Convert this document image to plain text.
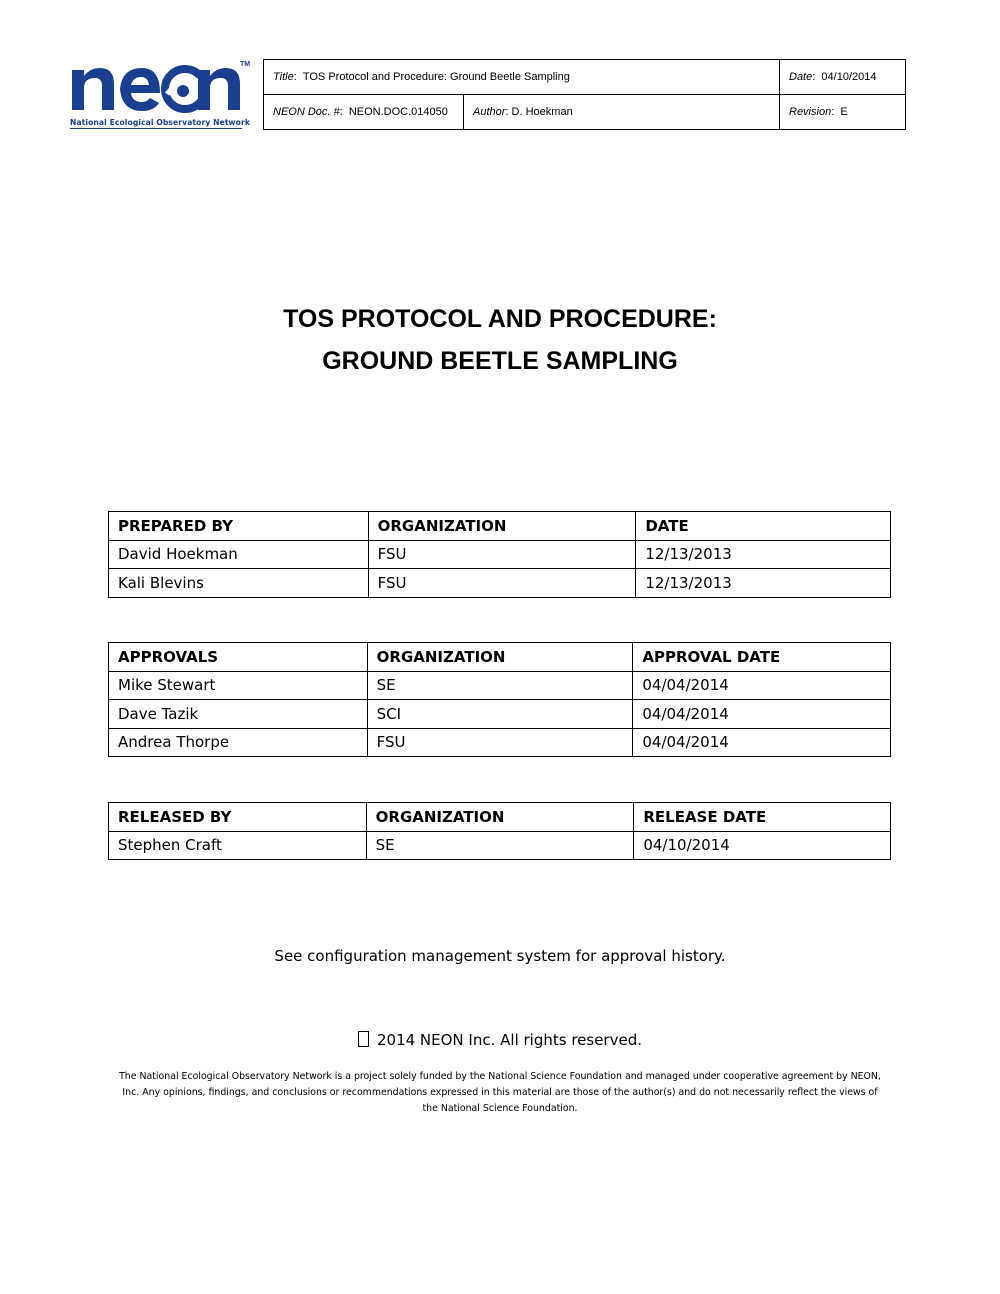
TM
National Ecological Observatory Network
Title : TOS Protocol and Procedure: Ground Beetle Sampling	Date : 04/10/2014
NEON Doc. # : NEON.DOC.014050 Author : D. Hoekman	Revision : E
TOS PROTOCOL AND PROCEDURE:
GROUND BEETLE SAMPLING
PREPARED BY	ORGANIZATION	DATE
David Hoekman	FSU	12/13/2013
Kali Blevins	FSU	12/13/2013
APPROVALS	ORGANIZATION	APPROVAL DATE
Mike Stewart	SE	04/04/2014
Dave Tazik	SCI	04/04/2014
Andrea Thorpe	FSU	04/04/2014
RELEASED BY	ORGANIZATION	RELEASE DATE
Stephen Craft	SE	04/10/2014
See configuration management system for approval history.
2014 NEON Inc. All rights reserved.
The National Ecological Observatory Network is a project solely funded by the National Science Foundation and managed under cooperative agreement by NEON, Inc. Any opinions, findings, and conclusions or recommendations expressed in this material are those of the author(s) and do not necessarily reflect the views of the National Science Foundation.
